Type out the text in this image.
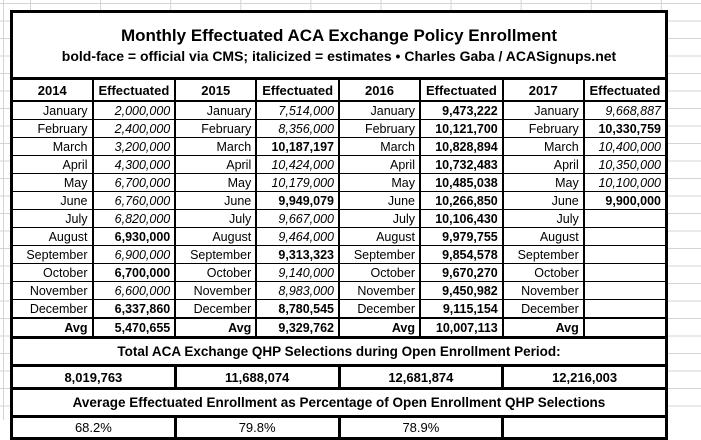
Monthly Effectuated ACA Exchange Policy Enrollment
bold-face = official via CMS; italicized = estimates • Charles Gaba / ACASignups.net							

2014	Effectuated	2015	Effectuated	2016	Effectuated	2017	Effectuated
January	2,000,000	January	7,514,000	January	9,473,222	January	9,668,887
February	2,400,000	February	8,356,000	February	10,121,700	February	10,330,759
March	3,200,000	March	10,187,197	March	10,828,894	March	10,400,000
April	4,300,000	April	10,424,000	April	10,732,483	April	10,350,000
May	6,700,000	May	10,179,000	May	10,485,038	May	10,100,000
June	6,760,000	June	9,949,079	June	10,266,850	June	9,900,000
July	6,820,000	July	9,667,000	July	10,106,430	July	
August	6,930,000	August	9,464,000	August	9,979,755	August	
September	6,900,000	September	9,313,323	September	9,854,578	September	
October	6,700,000	October	9,140,000	October	9,670,270	October	
November	6,600,000	November	8,983,000	November	9,450,982	November	
December	6,337,860	December	8,780,545	December	9,115,154	December	
Avg	5,470,655	Avg	9,329,762	Avg	10,007,113	Avg	
Total ACA Exchange QHP Selections during Open Enrollment Period:							
8,019,763		11,688,074		12,681,874		12,216,003	
Average Effectuated Enrollment as Percentage of Open Enrollment QHP Selections							
68.2%		79.8%		78.9%			
